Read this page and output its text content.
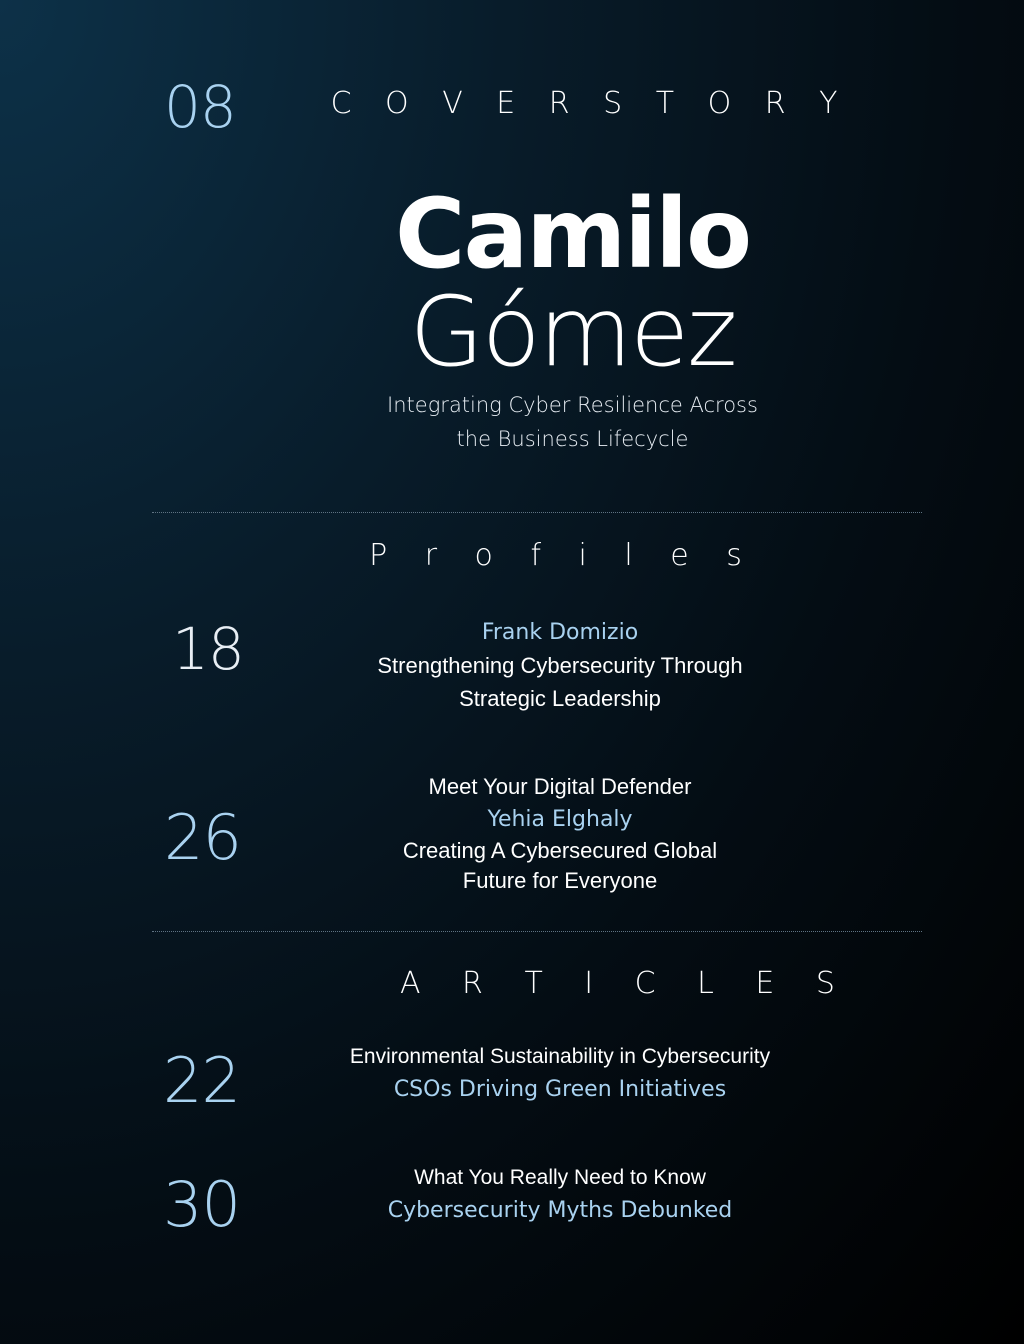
08	C O V E R S T O R Y
Camilo
Gómez
Integrating Cyber Resilience Across
the Business Lifecycle
P r o f i l e s
18	Frank Domizio
Strengthening Cybersecurity Through
Strategic Leadership
26
Meet Your Digital Defender
Yehia Elghaly
Creating A Cybersecured Global
Future for Everyone
A R T I C L E S
22	Environmental Sustainability in Cybersecurity
CSOs Driving Green Initiatives
30	What You Really Need to Know
Cybersecurity Myths Debunked
